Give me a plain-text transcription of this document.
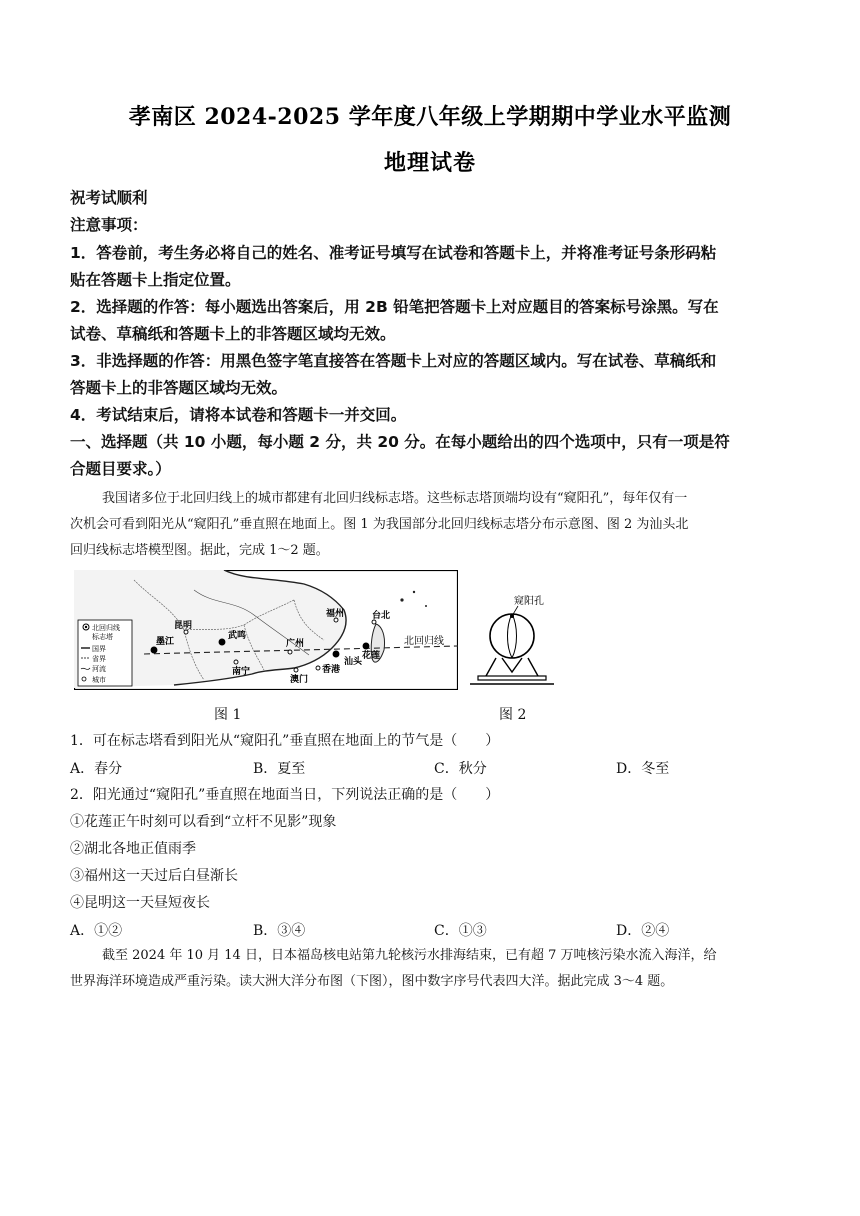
孝南区 2024-2025 学年度八年级上学期期中学业水平监测
地理试卷
祝考试顺利
注意事项：
1．答卷前，考生务必将自己的姓名、准考证号填写在试卷和答题卡上，并将准考证号条形码粘
贴在答题卡上指定位置。
2．选择题的作答：每小题选出答案后，用 2B 铅笔把答题卡上对应题目的答案标号涂黑。写在
试卷、草稿纸和答题卡上的非答题区域均无效。
3．非选择题的作答：用黑色签字笔直接答在答题卡上对应的答题区域内。写在试卷、草稿纸和
答题卡上的非答题区域均无效。
4．考试结束后，请将本试卷和答题卡一并交回。
一、选择题（共 10 小题，每小题 2 分，共 20 分。在每小题给出的四个选项中，只有一项是符
合题目要求。）
我国诸多位于北回归线上的城市都建有北回归线标志塔。这些标志塔顶端均设有“窥阳孔”，每年仅有一
次机会可看到阳光从“窥阳孔”垂直照在地面上。图 1 为我国部分北回归线标志塔分布示意图、图 2 为汕头北
回归线标志塔模型图。据此，完成 1～2 题。
北回归线
北回归线
标志塔
国界
省界
河流
城市
昆明
墨江
武鸣
南宁
广州
澳门
香港
汕头
福州	台北
花莲
图 1
窥阳孔
图 2
1．可在标志塔看到阳光从“窥阳孔”垂直照在地面上的节气是（　　）
A．春分	B．夏至	C．秋分	D．冬至
2．阳光通过“窥阳孔”垂直照在地面当日，下列说法正确的是（　　）
①花莲正午时刻可以看到“立杆不见影”现象
②湖北各地正值雨季
③福州这一天过后白昼渐长
④昆明这一天昼短夜长
A．①②	B．③④	C．①③	D．②④
截至 2024 年 10 月 14 日，日本福岛核电站第九轮核污水排海结束，已有超 7 万吨核污染水流入海洋，给
世界海洋环境造成严重污染。读大洲大洋分布图（下图），图中数字序号代表四大洋。据此完成 3～4 题。
